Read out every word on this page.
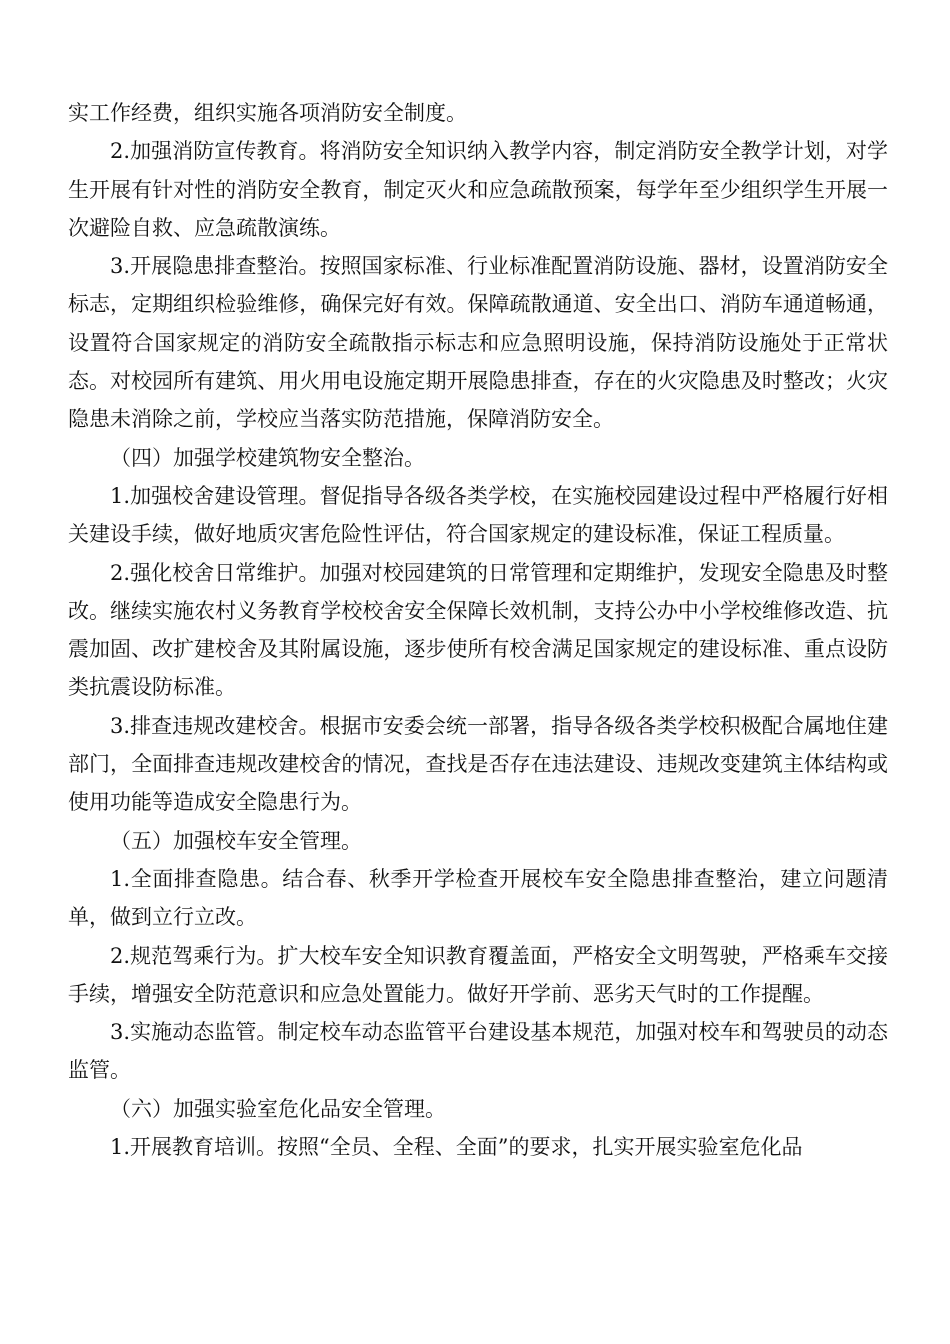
实工作经费，组织实施各项消防安全制度。

2.加强消防宣传教育。将消防安全知识纳入教学内容，制定消防安全教学计划，对学生开展有针对性的消防安全教育，制定灭火和应急疏散预案，每学年至少组织学生开展一次避险自救、应急疏散演练。

3.开展隐患排查整治。按照国家标准、行业标准配置消防设施、器材，设置消防安全标志，定期组织检验维修，确保完好有效。保障疏散通道、安全出口、消防车通道畅通，设置符合国家规定的消防安全疏散指示标志和应急照明设施，保持消防设施处于正常状态。对校园所有建筑、用火用电设施定期开展隐患排查，存在的火灾隐患及时整改；火灾隐患未消除之前，学校应当落实防范措施，保障消防安全。

（四）加强学校建筑物安全整治。

1.加强校舍建设管理。督促指导各级各类学校，在实施校园建设过程中严格履行好相关建设手续，做好地质灾害危险性评估，符合国家规定的建设标准，保证工程质量。

2.强化校舍日常维护。加强对校园建筑的日常管理和定期维护，发现安全隐患及时整改。继续实施农村义务教育学校校舍安全保障长效机制，支持公办中小学校维修改造、抗震加固、改扩建校舍及其附属设施，逐步使所有校舍满足国家规定的建设标准、重点设防类抗震设防标准。

3.排查违规改建校舍。根据市安委会统一部署，指导各级各类学校积极配合属地住建部门，全面排查违规改建校舍的情况，查找是否存在违法建设、违规改变建筑主体结构或使用功能等造成安全隐患行为。

（五）加强校车安全管理。

1.全面排查隐患。结合春、秋季开学检查开展校车安全隐患排查整治，建立问题清单，做到立行立改。

2.规范驾乘行为。扩大校车安全知识教育覆盖面，严格安全文明驾驶，严格乘车交接手续，增强安全防范意识和应急处置能力。做好开学前、恶劣天气时的工作提醒。

3.实施动态监管。制定校车动态监管平台建设基本规范，加强对校车和驾驶员的动态监管。

（六）加强实验室危化品安全管理。

1.开展教育培训。按照“全员、全程、全面”的要求，扎实开展实验室危化品
